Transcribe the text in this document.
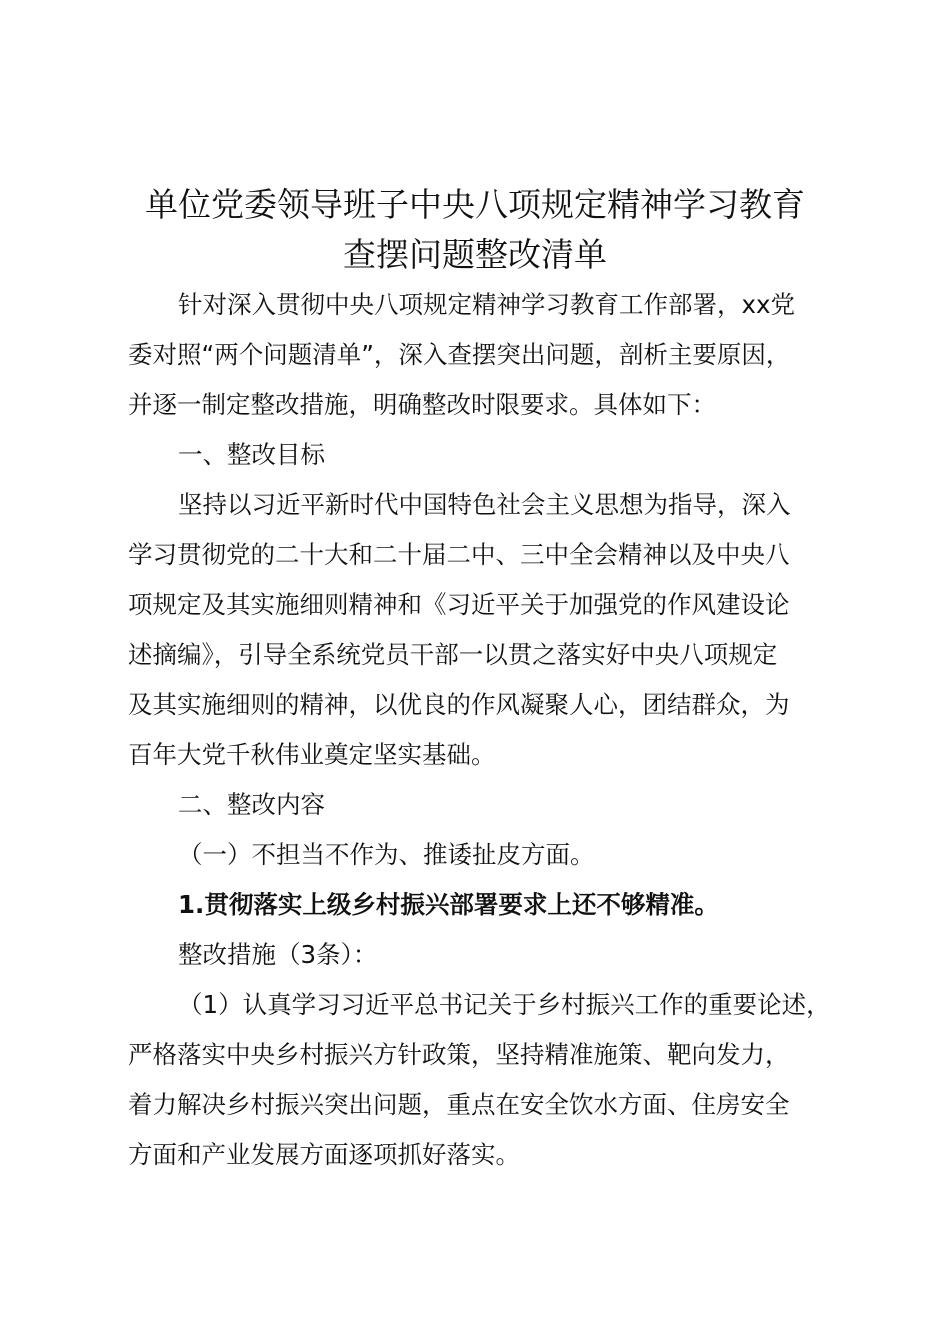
单位党委领导班子中央八项规定精神学习教育
查摆问题整改清单
针对深入贯彻中央八项规定精神学习教育工作部署，xx党
委对照“两个问题清单”，深入查摆突出问题，剖析主要原因，
并逐一制定整改措施，明确整改时限要求。具体如下：
一、整改目标
坚持以习近平新时代中国特色社会主义思想为指导，深入
学习贯彻党的二十大和二十届二中、三中全会精神以及中央八
项规定及其实施细则精神和《习近平关于加强党的作风建设论
述摘编》，引导全系统党员干部一以贯之落实好中央八项规定
及其实施细则的精神，以优良的作风凝聚人心，团结群众，为
百年大党千秋伟业奠定坚实基础。
二、整改内容
（一）不担当不作为、推诿扯皮方面。
1.贯彻落实上级乡村振兴部署要求上还不够精准。
整改措施（3条）：
（1）认真学习习近平总书记关于乡村振兴工作的重要论述，
严格落实中央乡村振兴方针政策，坚持精准施策、靶向发力，
着力解决乡村振兴突出问题，重点在安全饮水方面、住房安全
方面和产业发展方面逐项抓好落实。
